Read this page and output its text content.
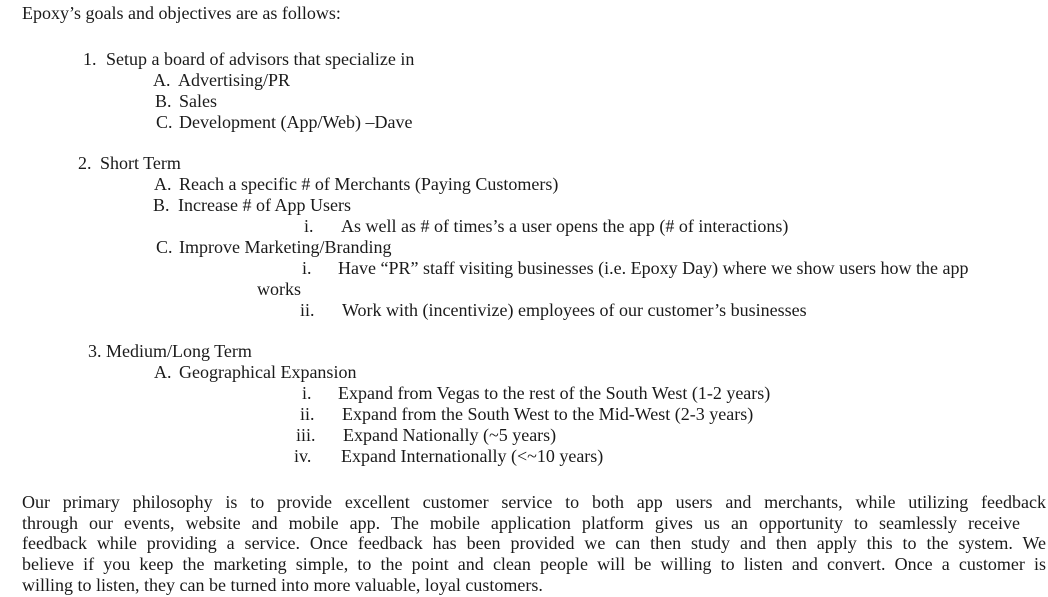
Epoxy’s goals and objectives are as follows:
1. Setup a board of advisors that specialize in
A. Advertising/PR
B. Sales
C. Development (App/Web) –Dave
2. Short Term
A. Reach a specific # of Merchants (Paying Customers)
B. Increase # of App Users
i. As well as # of times’s a user opens the app (# of interactions)
C. Improve Marketing/Branding
i. Have “PR” staff visiting businesses (i.e. Epoxy Day) where we show users how the app
works
ii. Work with (incentivize) employees of our customer’s businesses
3. Medium/Long Term
A. Geographical Expansion
i. Expand from Vegas to the rest of the South West (1-2 years)
ii. Expand from the South West to the Mid-West (2-3 years)
iii. Expand Nationally (~5 years)
iv. Expand Internationally (<~10 years)
Our primary philosophy is to provide excellent customer service to both app users and merchants, while utilizing feedback
through our events, website and mobile app. The mobile application platform gives us an opportunity to seamlessly receive
feedback while providing a service. Once feedback has been provided we can then study and then apply this to the system. We
believe if you keep the marketing simple, to the point and clean people will be willing to listen and convert. Once a customer is
willing to listen, they can be turned into more valuable, loyal customers.
